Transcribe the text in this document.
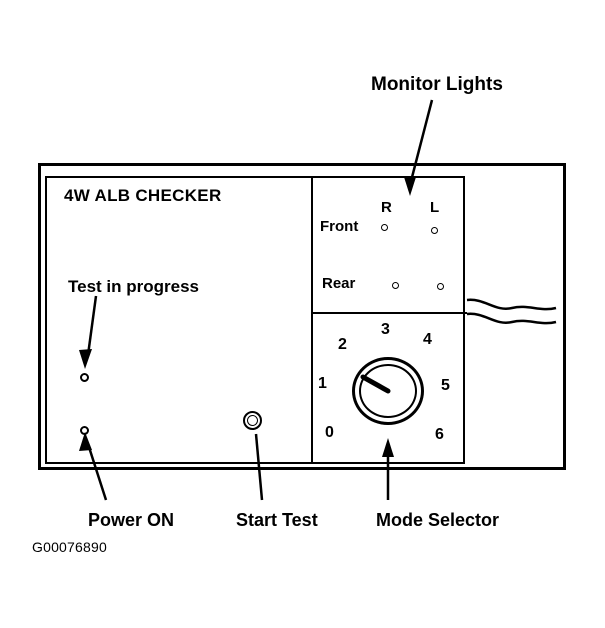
4W ALB CHECKER
R	L
Front
Rear
0
1
2
3
4
5
6
Monitor Lights
Test in progress
Power ON	Start Test	Mode Selector
G00076890
